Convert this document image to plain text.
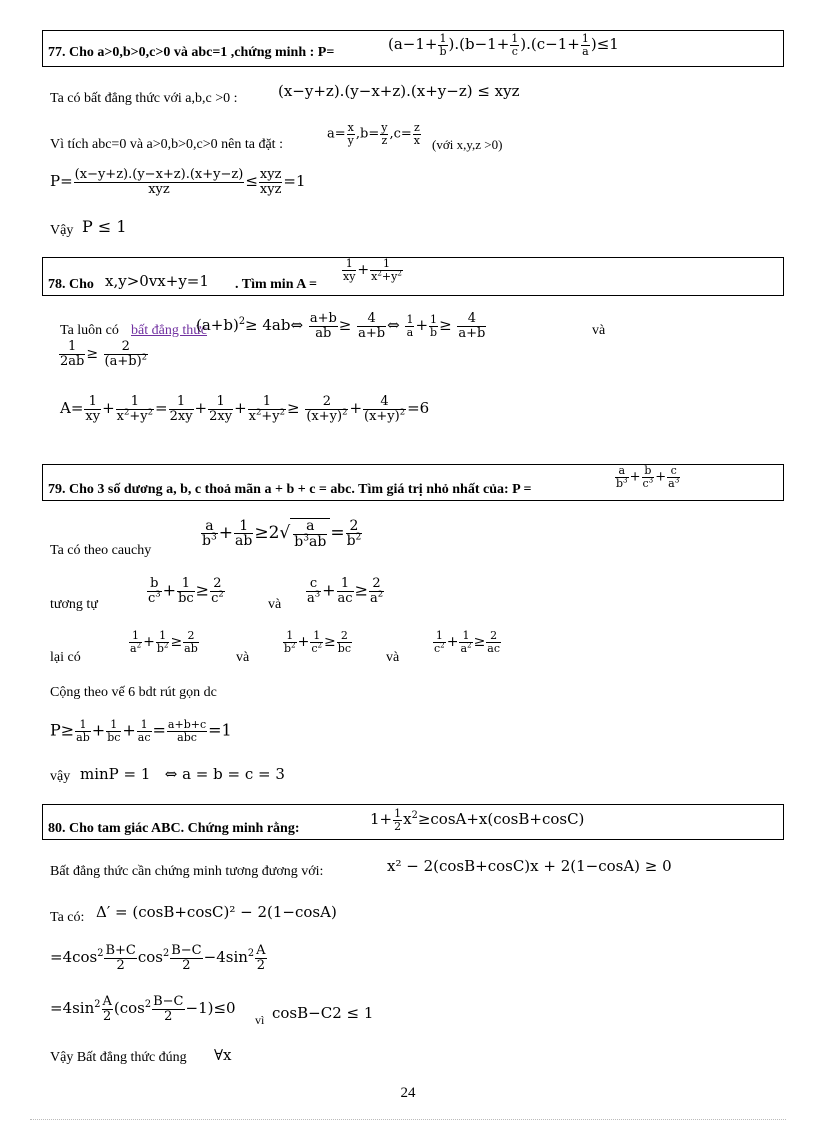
77. Cho a>0,b>0,c>0 và abc=1 ,chứng minh : P=	$(a-1+ \frac{1}{b} ).(b-1+ \frac{1}{c} ).(c-1+ \frac{1}{a} )\le 1$
Ta có bất đẳng thức với a,b,c >0 :	(x−y+z).(y−x+z).(x+y−z) ≤ xyz
Vì tích abc=0 và a>0,b>0,c>0 nên ta đặt :
$a= \frac{x}{y} ,b= \frac{y}{z} ,c= \frac{z}{x}$ (với x,y,z >0)
$P= \frac{(x-y+z).(y-x+z).(x+y-z)}{\text{xyz}} \le \frac{\text{xyz}}{\text{xyz}} =1$
Vậy P ≤ 1
78. Cho x,y>0vx+y=1 . Tìm min A =
$\frac{1}{xy} + \frac{1}{x^2+y^2}$
Ta luôn có bất đẳng thức
$(a+b)^2\ge$ 4ab⇔ $\frac{a+b}{ab} \ge \frac{4}{a+b}$ ⇔ $\frac{1}{a} + \frac{1}{b} \ge \frac{4}{a+b}$	và
$\frac{1}{2ab} \ge \frac{2}{(a+b)^2}$
$A= \frac{1}{xy} + \frac{1}{x^2+y^2} = \frac{1}{2xy} + \frac{1}{2xy} + \frac{1}{x^2+y^2} \ge \frac{2}{(x+y)^2} + \frac{4}{(x+y)^2} =6$
79. Cho 3 số dương a, b, c thoả mãn a + b + c = abc. Tìm giá trị nhỏ nhất của: P =
$\frac{a}{b^3} + \frac{b}{c^3} + \frac{c}{a^3}$
Ta có theo cauchy
$\frac{a}{b^3} + \frac{1}{ab} \ge 2√ \frac{a}{b^3ab} = \frac{2}{b^2}$
tương tự	$\frac{b}{c^3} + \frac{1}{bc} \ge \frac{2}{c^2}$	và $\frac{c}{a^3} + \frac{1}{ac} \ge \frac{2}{a^2}$
lại có
$\frac{1}{a^2} + \frac{1}{b^2} \ge \frac{2}{ab}$
và
$\frac{1}{b^2} + \frac{1}{c^2} \ge \frac{2}{bc}$
và
$\frac{1}{c^2} + \frac{1}{a^2} \ge \frac{2}{ac}$
Cộng theo vế 6 bdt rút gọn dc
$P\ge \frac{1}{ab} + \frac{1}{bc} + \frac{1}{ac} = \frac{a+b+c}{\text{abc}} =1$
vậy minP = 1   ⇔ a = b = c = 3
80. Cho tam giác ABC. Chứng minh rằng:
$1+ \frac{1}{2} x^2\ge\cos A+x(\cos B+\cos C)$
Bất đẳng thức cần chứng minh tương đương với:	x² − 2(cosB+cosC)x + 2(1−cosA) ≥ 0
Ta có: Δ′ = (cosB+cosC)² − 2(1−cosA)
$=4\cos^2 \frac{B+C}{2} \cos^2 \frac{B-C}{2} -4\sin^2 \frac{A}{2}$
$=4\sin^2 \frac{A}{2} (\cos^2 \frac{B-C}{2} -1)\le 0$
vì cosB−C2 ≤ 1
Vậy Bất đẳng thức đúng ∀x
24
